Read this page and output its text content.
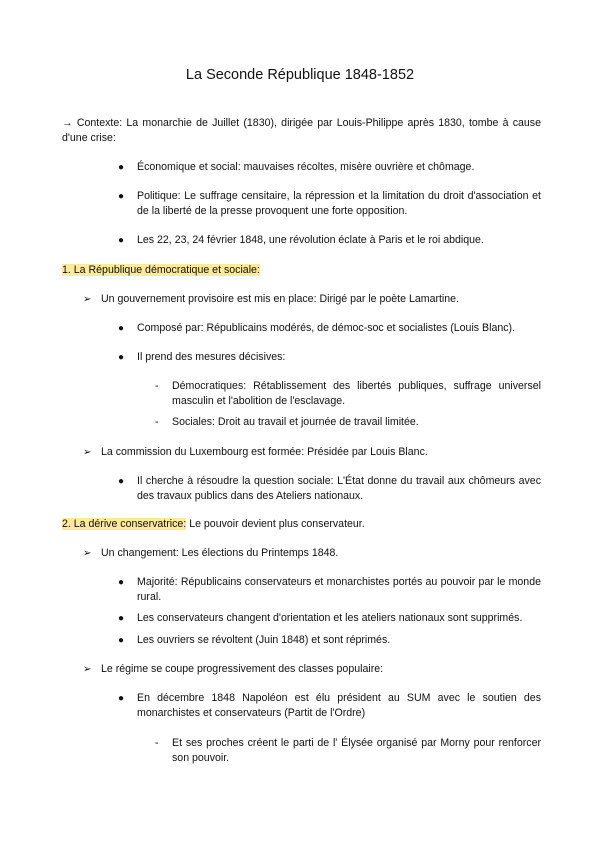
La Seconde République 1848-1852
→ Contexte: La monarchie de Juillet (1830), dirigée par Louis-Philippe après 1830, tombe à cause d'une crise:
● Économique et social: mauvaises récoltes, misère ouvrière et chômage.
● Politique: Le suffrage censitaire, la répression et la limitation du droit d'association et de la liberté de la presse provoquent une forte opposition.
● Les 22, 23, 24 février 1848, une révolution éclate à Paris et le roi abdique.
1. La République démocratique et sociale:
➢ Un gouvernement provisoire est mis en place: Dirigé par le poète Lamartine.
● Composé par: Républicains modérés, de démoc-soc et socialistes (Louis Blanc).
● Il prend des mesures décisives:
- Démocratiques: Rétablissement des libertés publiques, suffrage universel masculin et l'abolition de l'esclavage.
- Sociales: Droit au travail et journée de travail limitée.
➢ La commission du Luxembourg est formée: Présidée par Louis Blanc.
● Il cherche à résoudre la question sociale: L'État donne du travail aux chômeurs avec des travaux publics dans des Ateliers nationaux.
2. La dérive conservatrice: Le pouvoir devient plus conservateur.
➢ Un changement: Les élections du Printemps 1848.
● Majorité: Républicains conservateurs et monarchistes portés au pouvoir par le monde rural.
● Les conservateurs changent d'orientation et les ateliers nationaux sont supprimés.
● Les ouvriers se révoltent (Juin 1848) et sont réprimés.
➢ Le régime se coupe progressivement des classes populaire:
● En décembre 1848 Napoléon est élu président au SUM avec le soutien des monarchistes et conservateurs (Partit de l'Ordre)
- Et ses proches créent le parti de l' Élysée organisé par Morny pour renforcer son pouvoir.
